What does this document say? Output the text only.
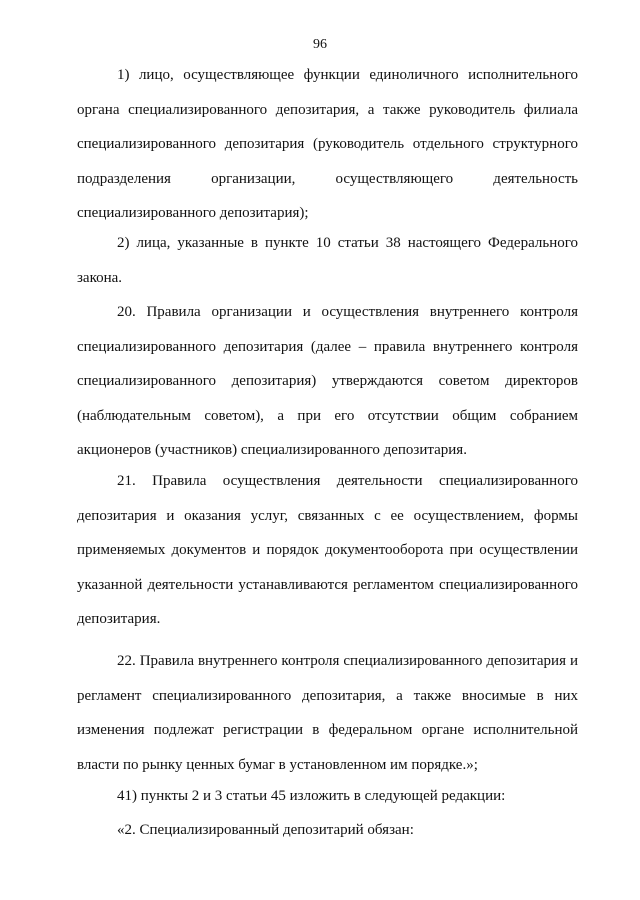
96

1) лицо, осуществляющее функции единоличного исполнительного органа специализированного депозитария, а также руководитель филиала специализированного депозитария (руководитель отдельного структурного подразделения организации, осуществляющего деятельность специализированного депозитария);

2) лица, указанные в пункте 10 статьи 38 настоящего Федерального закона.

20. Правила организации и осуществления внутреннего контроля специализированного депозитария (далее – правила внутреннего контроля специализированного депозитария) утверждаются советом директоров (наблюдательным советом), а при его отсутствии общим собранием акционеров (участников) специализированного депозитария.

21. Правила осуществления деятельности специализированного депозитария и оказания услуг, связанных с ее осуществлением, формы применяемых документов и порядок документооборота при осуществлении указанной деятельности устанавливаются регламентом специализированного депозитария.

22. Правила внутреннего контроля специализированного депозитария и регламент специализированного депозитария, а также вносимые в них изменения подлежат регистрации в федеральном органе исполнительной власти по рынку ценных бумаг в установленном им порядке.»;

41) пункты 2 и 3 статьи 45 изложить в следующей редакции:

«2. Специализированный депозитарий обязан:
